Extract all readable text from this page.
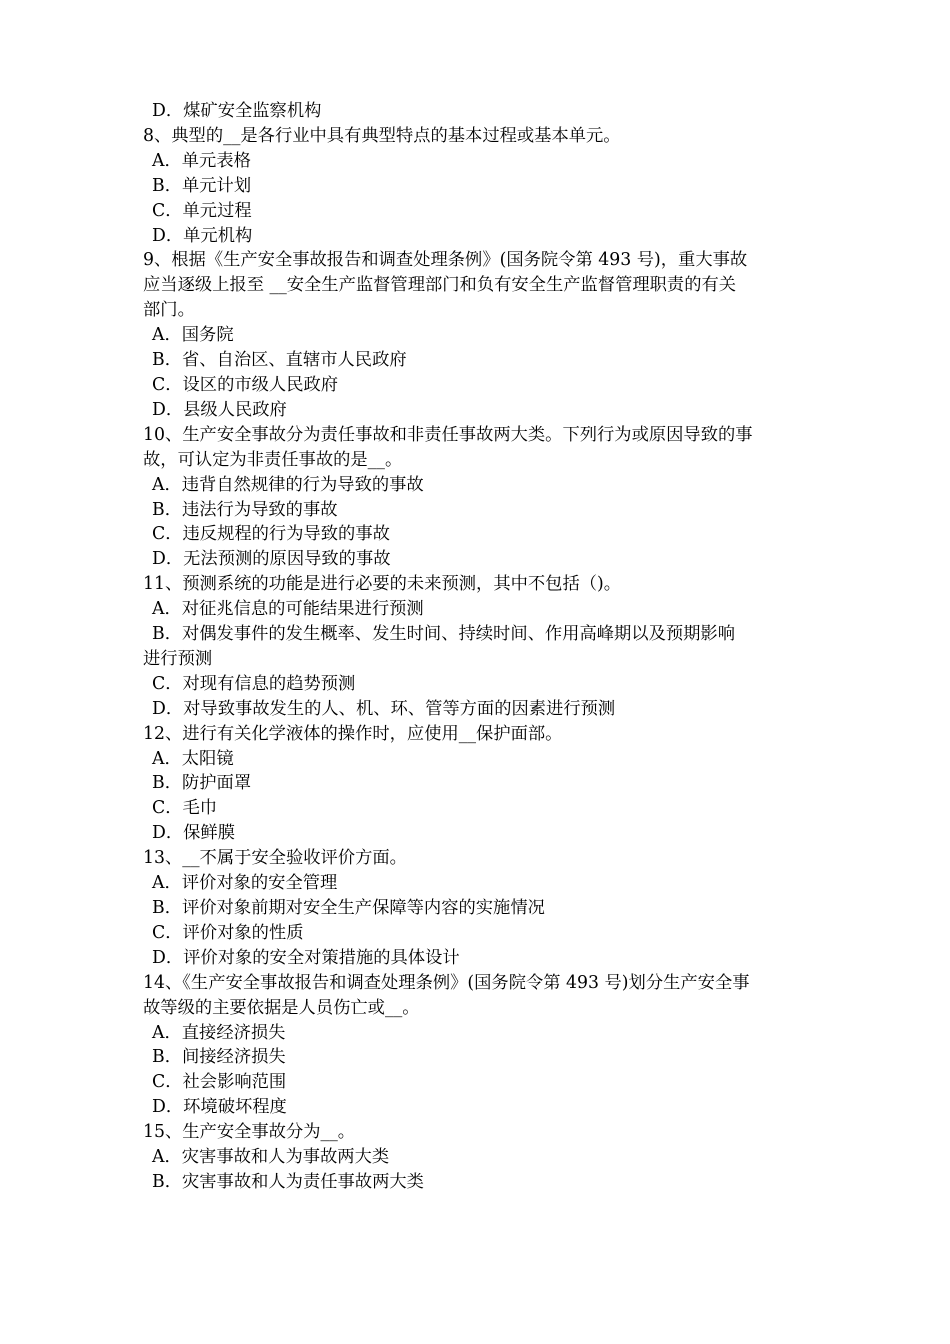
D．煤矿安全监察机构
8、典型的__是各行业中具有典型特点的基本过程或基本单元。
A．单元表格
B．单元计划
C．单元过程
D．单元机构
9、根据《生产安全事故报告和调查处理条例》(国务院令第 493 号)，重大事故
应当逐级上报至 __安全生产监督管理部门和负有安全生产监督管理职责的有关
部门。
A．国务院
B．省、自治区、直辖市人民政府
C．设区的市级人民政府
D．县级人民政府
10、生产安全事故分为责任事故和非责任事故两大类。下列行为或原因导致的事
故，可认定为非责任事故的是__。
A．违背自然规律的行为导致的事故
B．违法行为导致的事故
C．违反规程的行为导致的事故
D．无法预测的原因导致的事故
11、预测系统的功能是进行必要的未来预测，其中不包括（)。
A．对征兆信息的可能结果进行预测
B．对偶发事件的发生概率、发生时间、持续时间、作用高峰期以及预期影响
进行预测
C．对现有信息的趋势预测
D．对导致事故发生的人、机、环、管等方面的因素进行预测
12、进行有关化学液体的操作时，应使用__保护面部。
A．太阳镜
B．防护面罩
C．毛巾
D．保鲜膜
13、__不属于安全验收评价方面。
A．评价对象的安全管理
B．评价对象前期对安全生产保障等内容的实施情况
C．评价对象的性质
D．评价对象的安全对策措施的具体设计
14、《生产安全事故报告和调查处理条例》(国务院令第 493 号)划分生产安全事
故等级的主要依据是人员伤亡或__。
A．直接经济损失
B．间接经济损失
C．社会影响范围
D．环境破坏程度
15、生产安全事故分为__。
A．灾害事故和人为事故两大类
B．灾害事故和人为责任事故两大类
